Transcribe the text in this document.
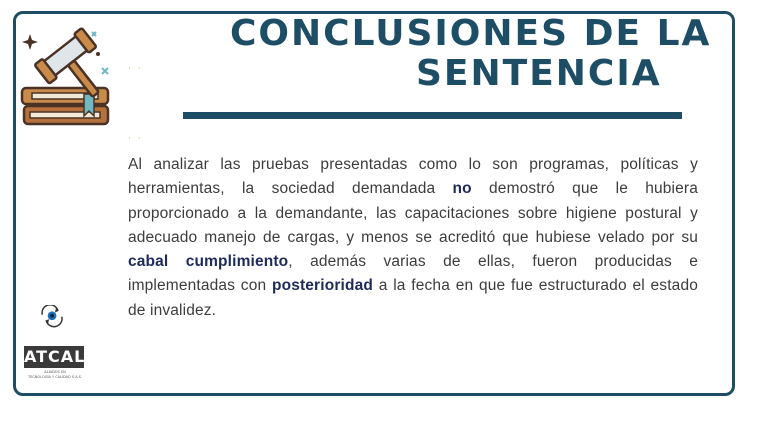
CONCLUSIONES DE LA
SENTENCIA
· ·
· ·
Al analizar las pruebas presentadas como lo son programas, políticas y herramientas, la sociedad demandada no demostró que le hubiera proporcionado a la demandante, las capacitaciones sobre higiene postural y adecuado manejo de cargas, y menos se acreditó que hubiese velado por su cabal cumplimiento, además varias de ellas, fueron producidas e implementadas con posterioridad a la fecha en que fue estructurado el estado de invalidez.
ATCAL
ALIADOS EN
TECNOLOGÍA Y CALIDAD S.A.S.
